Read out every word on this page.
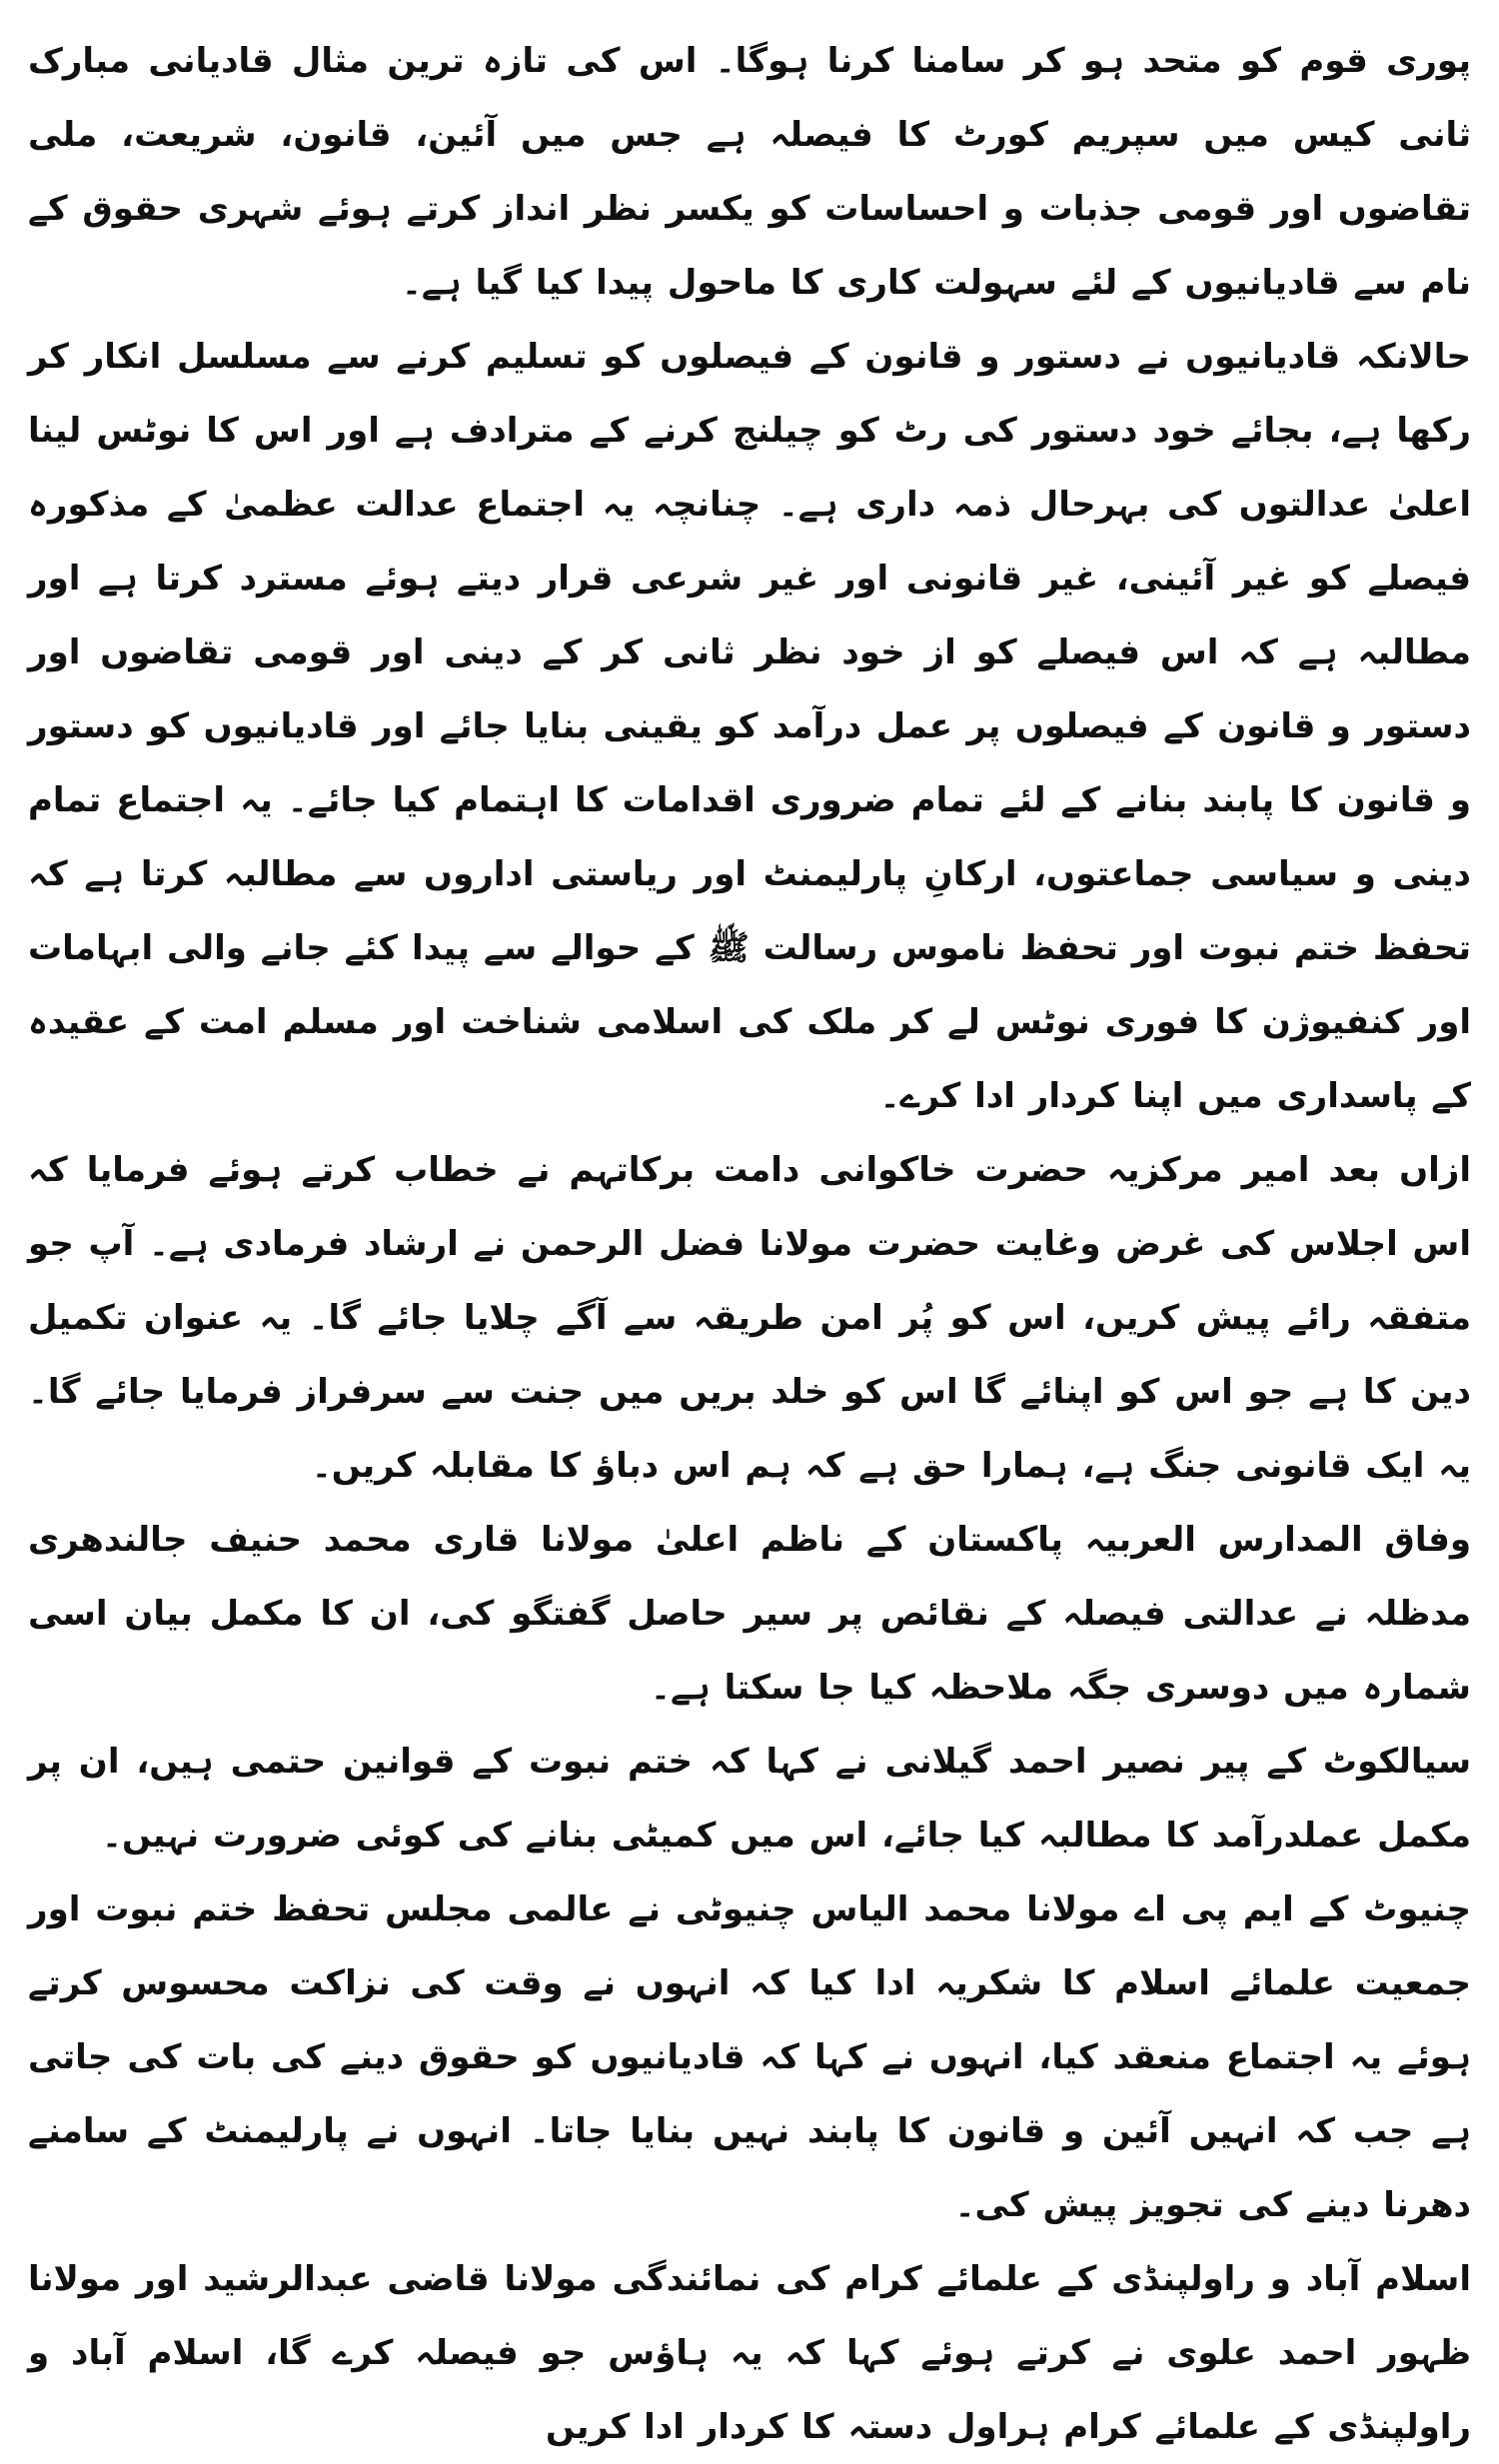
پوری قوم کو متحد ہو کر سامنا کرنا ہوگا۔ اس کی تازہ ترین مثال قادیانی مبارک ثانی کیس میں سپریم کورٹ کا فیصلہ ہے جس میں آئین، قانون، شریعت، ملی تقاضوں اور قومی جذبات و احساسات کو یکسر نظر انداز کرتے ہوئے شہری حقوق کے نام سے قادیانیوں کے لئے سہولت کاری کا ماحول پیدا کیا گیا ہے۔

حالانکہ قادیانیوں نے دستور و قانون کے فیصلوں کو تسلیم کرنے سے مسلسل انکار کر رکھا ہے، بجائے خود دستور کی رٹ کو چیلنج کرنے کے مترادف ہے اور اس کا نوٹس لینا اعلیٰ عدالتوں کی بہرحال ذمہ داری ہے۔ چنانچہ یہ اجتماع عدالت عظمیٰ کے مذکورہ فیصلے کو غیر آئینی، غیر قانونی اور غیر شرعی قرار دیتے ہوئے مسترد کرتا ہے اور مطالبہ ہے کہ اس فیصلے کو از خود نظر ثانی کر کے دینی اور قومی تقاضوں اور دستور و قانون کے فیصلوں پر عمل درآمد کو یقینی بنایا جائے اور قادیانیوں کو دستور و قانون کا پابند بنانے کے لئے تمام ضروری اقدامات کا اہتمام کیا جائے۔ یہ اجتماع تمام دینی و سیاسی جماعتوں، ارکانِ پارلیمنٹ اور ریاستی اداروں سے مطالبہ کرتا ہے کہ تحفظ ختم نبوت اور تحفظ ناموس رسالت ﷺ کے حوالے سے پیدا کئے جانے والی ابہامات اور کنفیوژن کا فوری نوٹس لے کر ملک کی اسلامی شناخت اور مسلم امت کے عقیدہ کے پاسداری میں اپنا کردار ادا کرے۔

ازاں بعد امیر مرکزیہ حضرت خاکوانی دامت برکاتہم نے خطاب کرتے ہوئے فرمایا کہ اس اجلاس کی غرض وغایت حضرت مولانا فضل الرحمن نے ارشاد فرمادی ہے۔ آپ جو متفقہ رائے پیش کریں، اس کو پُر امن طریقہ سے آگے چلایا جائے گا۔ یہ عنوان تکمیل دین کا ہے جو اس کو اپنائے گا اس کو خلد بریں میں جنت سے سرفراز فرمایا جائے گا۔ یہ ایک قانونی جنگ ہے، ہمارا حق ہے کہ ہم اس دباؤ کا مقابلہ کریں۔

وفاق المدارس العربیہ پاکستان کے ناظم اعلیٰ مولانا قاری محمد حنیف جالندھری مدظلہ نے عدالتی فیصلہ کے نقائص پر سیر حاصل گفتگو کی، ان کا مکمل بیان اسی شمارہ میں دوسری جگہ ملاحظہ کیا جا سکتا ہے۔

سیالکوٹ کے پیر نصیر احمد گیلانی نے کہا کہ ختم نبوت کے قوانین حتمی ہیں، ان پر مکمل عملدرآمد کا مطالبہ کیا جائے، اس میں کمیٹی بنانے کی کوئی ضرورت نہیں۔

چنیوٹ کے ایم پی اے مولانا محمد الیاس چنیوٹی نے عالمی مجلس تحفظ ختم نبوت اور جمعیت علمائے اسلام کا شکریہ ادا کیا کہ انہوں نے وقت کی نزاکت محسوس کرتے ہوئے یہ اجتماع منعقد کیا، انہوں نے کہا کہ قادیانیوں کو حقوق دینے کی بات کی جاتی ہے جب کہ انہیں آئین و قانون کا پابند نہیں بنایا جاتا۔ انہوں نے پارلیمنٹ کے سامنے دھرنا دینے کی تجویز پیش کی۔

اسلام آباد و راولپنڈی کے علمائے کرام کی نمائندگی مولانا قاضی عبدالرشید اور مولانا ظہور احمد علوی نے کرتے ہوئے کہا کہ یہ ہاؤس جو فیصلہ کرے گا، اسلام آباد و راولپنڈی کے علمائے کرام ہراول دستہ کا کردار ادا کریں
